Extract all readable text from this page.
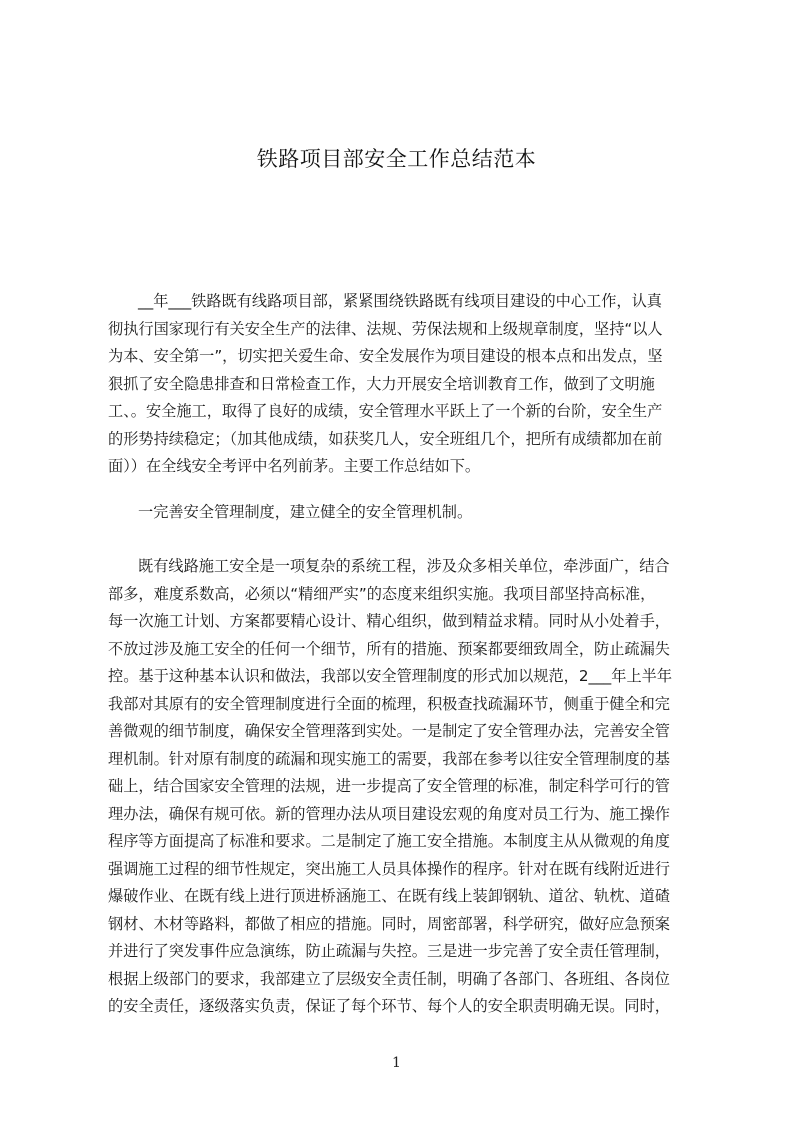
铁路项目部安全工作总结范本
__年___铁路既有线路项目部，紧紧围绕铁路既有线项目建设的中心工作，认真
彻执行国家现行有关安全生产的法律、法规、劳保法规和上级规章制度，坚持“以人
为本、安全第一”，切实把关爱生命、安全发展作为项目建设的根本点和出发点，坚
狠抓了安全隐患排查和日常检查工作，大力开展安全培训教育工作，做到了文明施
工、。安全施工，取得了良好的成绩，安全管理水平跃上了一个新的台阶，安全生产
的形势持续稳定；（加其他成绩，如获奖几人，安全班组几个，把所有成绩都加在前
面））在全线安全考评中名列前茅。主要工作总结如下。
一完善安全管理制度，建立健全的安全管理机制。
既有线路施工安全是一项复杂的系统工程，涉及众多相关单位，牵涉面广，结合
部多，难度系数高，必须以“精细严实”的态度来组织实施。我项目部坚持高标准，
每一次施工计划、方案都要精心设计、精心组织，做到精益求精。同时从小处着手，
不放过涉及施工安全的任何一个细节，所有的措施、预案都要细致周全，防止疏漏失
控。基于这种基本认识和做法，我部以安全管理制度的形式加以规范，2___年上半年
我部对其原有的安全管理制度进行全面的梳理，积极查找疏漏环节，侧重于健全和完
善微观的细节制度，确保安全管理落到实处。一是制定了安全管理办法，完善安全管
理机制。针对原有制度的疏漏和现实施工的需要，我部在参考以往安全管理制度的基
础上，结合国家安全管理的法规，进一步提高了安全管理的标准，制定科学可行的管
理办法，确保有规可依。新的管理办法从项目建设宏观的角度对员工行为、施工操作
程序等方面提高了标准和要求。二是制定了施工安全措施。本制度主从从微观的角度
强调施工过程的细节性规定，突出施工人员具体操作的程序。针对在既有线附近进行
爆破作业、在既有线上进行顶进桥涵施工、在既有线上装卸钢轨、道岔、轨枕、道碴
钢材、木材等路料，都做了相应的措施。同时，周密部署，科学研究，做好应急预案
并进行了突发事件应急演练，防止疏漏与失控。三是进一步完善了安全责任管理制，
根据上级部门的要求，我部建立了层级安全责任制，明确了各部门、各班组、各岗位
的安全责任，逐级落实负责，保证了每个环节、每个人的安全职责明确无误。同时，
1
